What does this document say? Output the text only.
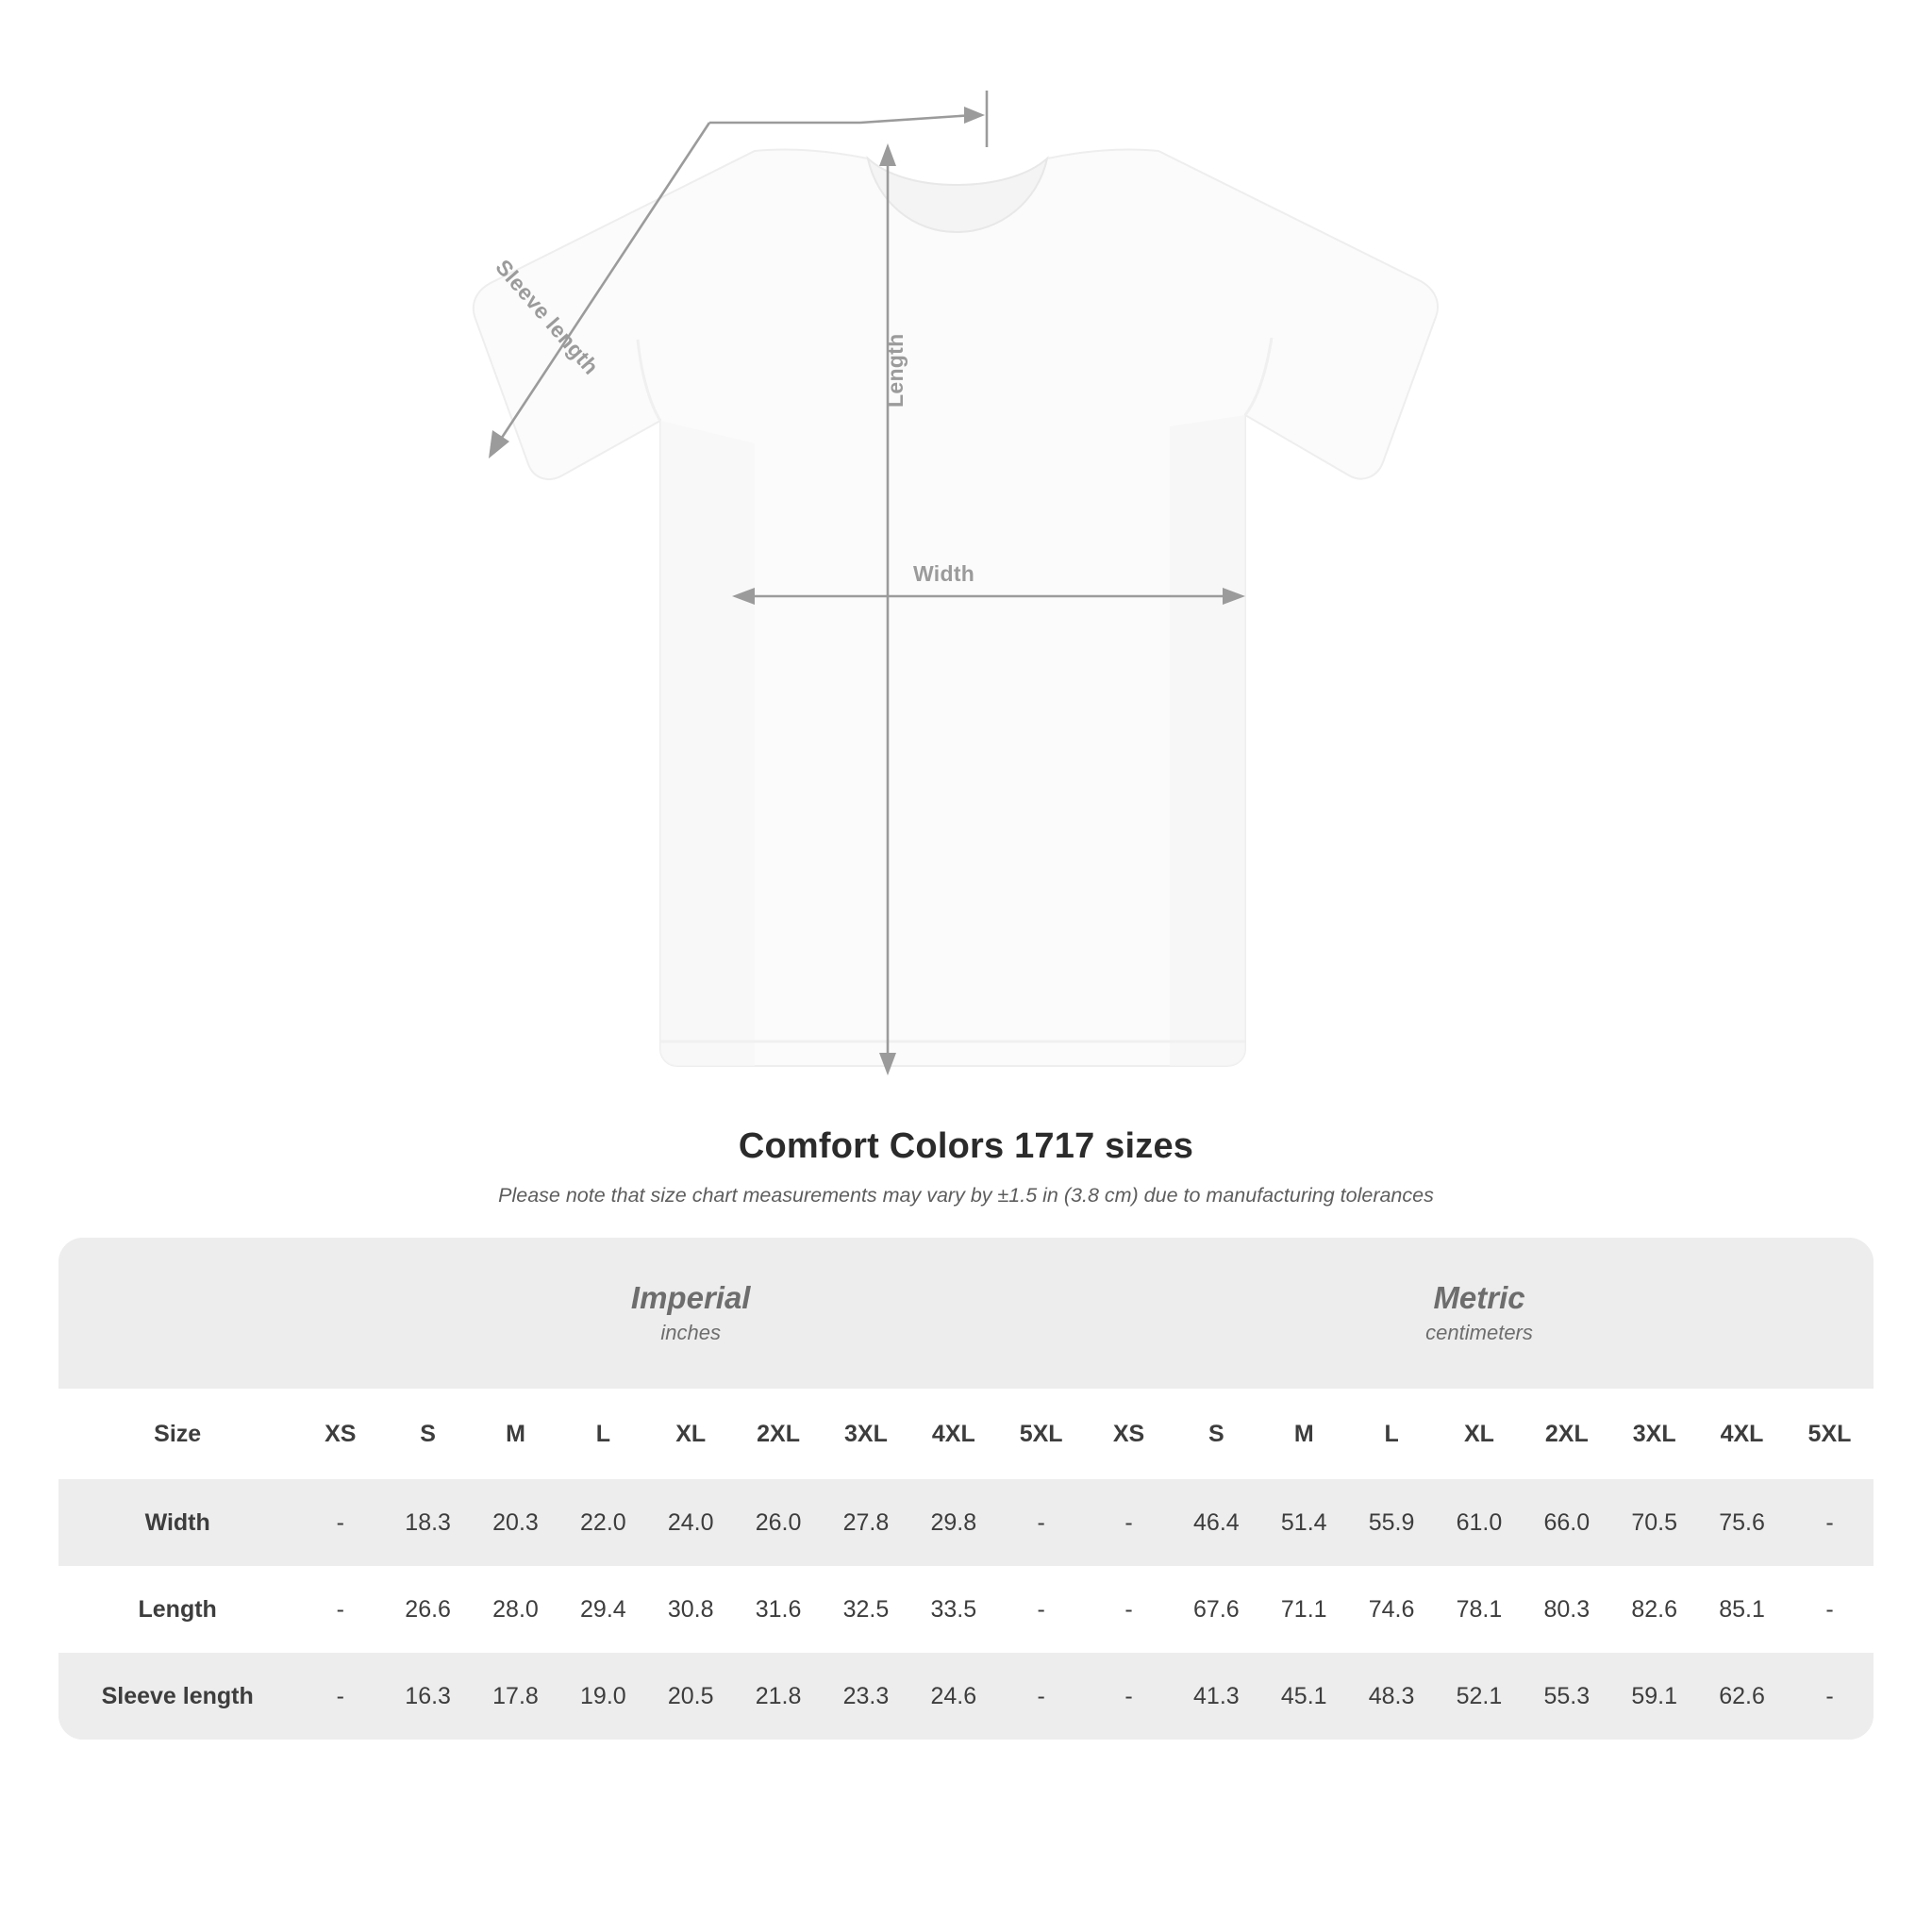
Width
Length
Sleeve length
Comfort Colors 1717 sizes
Please note that size chart measurements may vary by ±1.5 in (3.8 cm) due to manufacturing tolerances

Imperial
inches

Metric
centimeters

Size	XS	S	M	L	XL	2XL	3XL	4XL	5XL	XS	S	M	L	XL	2XL	3XL	4XL	5XL
Width	-	18.3	20.3	22.0	24.0	26.0	27.8	29.8	-	-	46.4	51.4	55.9	61.0	66.0	70.5	75.6	-
Length	-	26.6	28.0	29.4	30.8	31.6	32.5	33.5	-	-	67.6	71.1	74.6	78.1	80.3	82.6	85.1	-
Sleeve length	-	16.3	17.8	19.0	20.5	21.8	23.3	24.6	-	-	41.3	45.1	48.3	52.1	55.3	59.1	62.6	-
